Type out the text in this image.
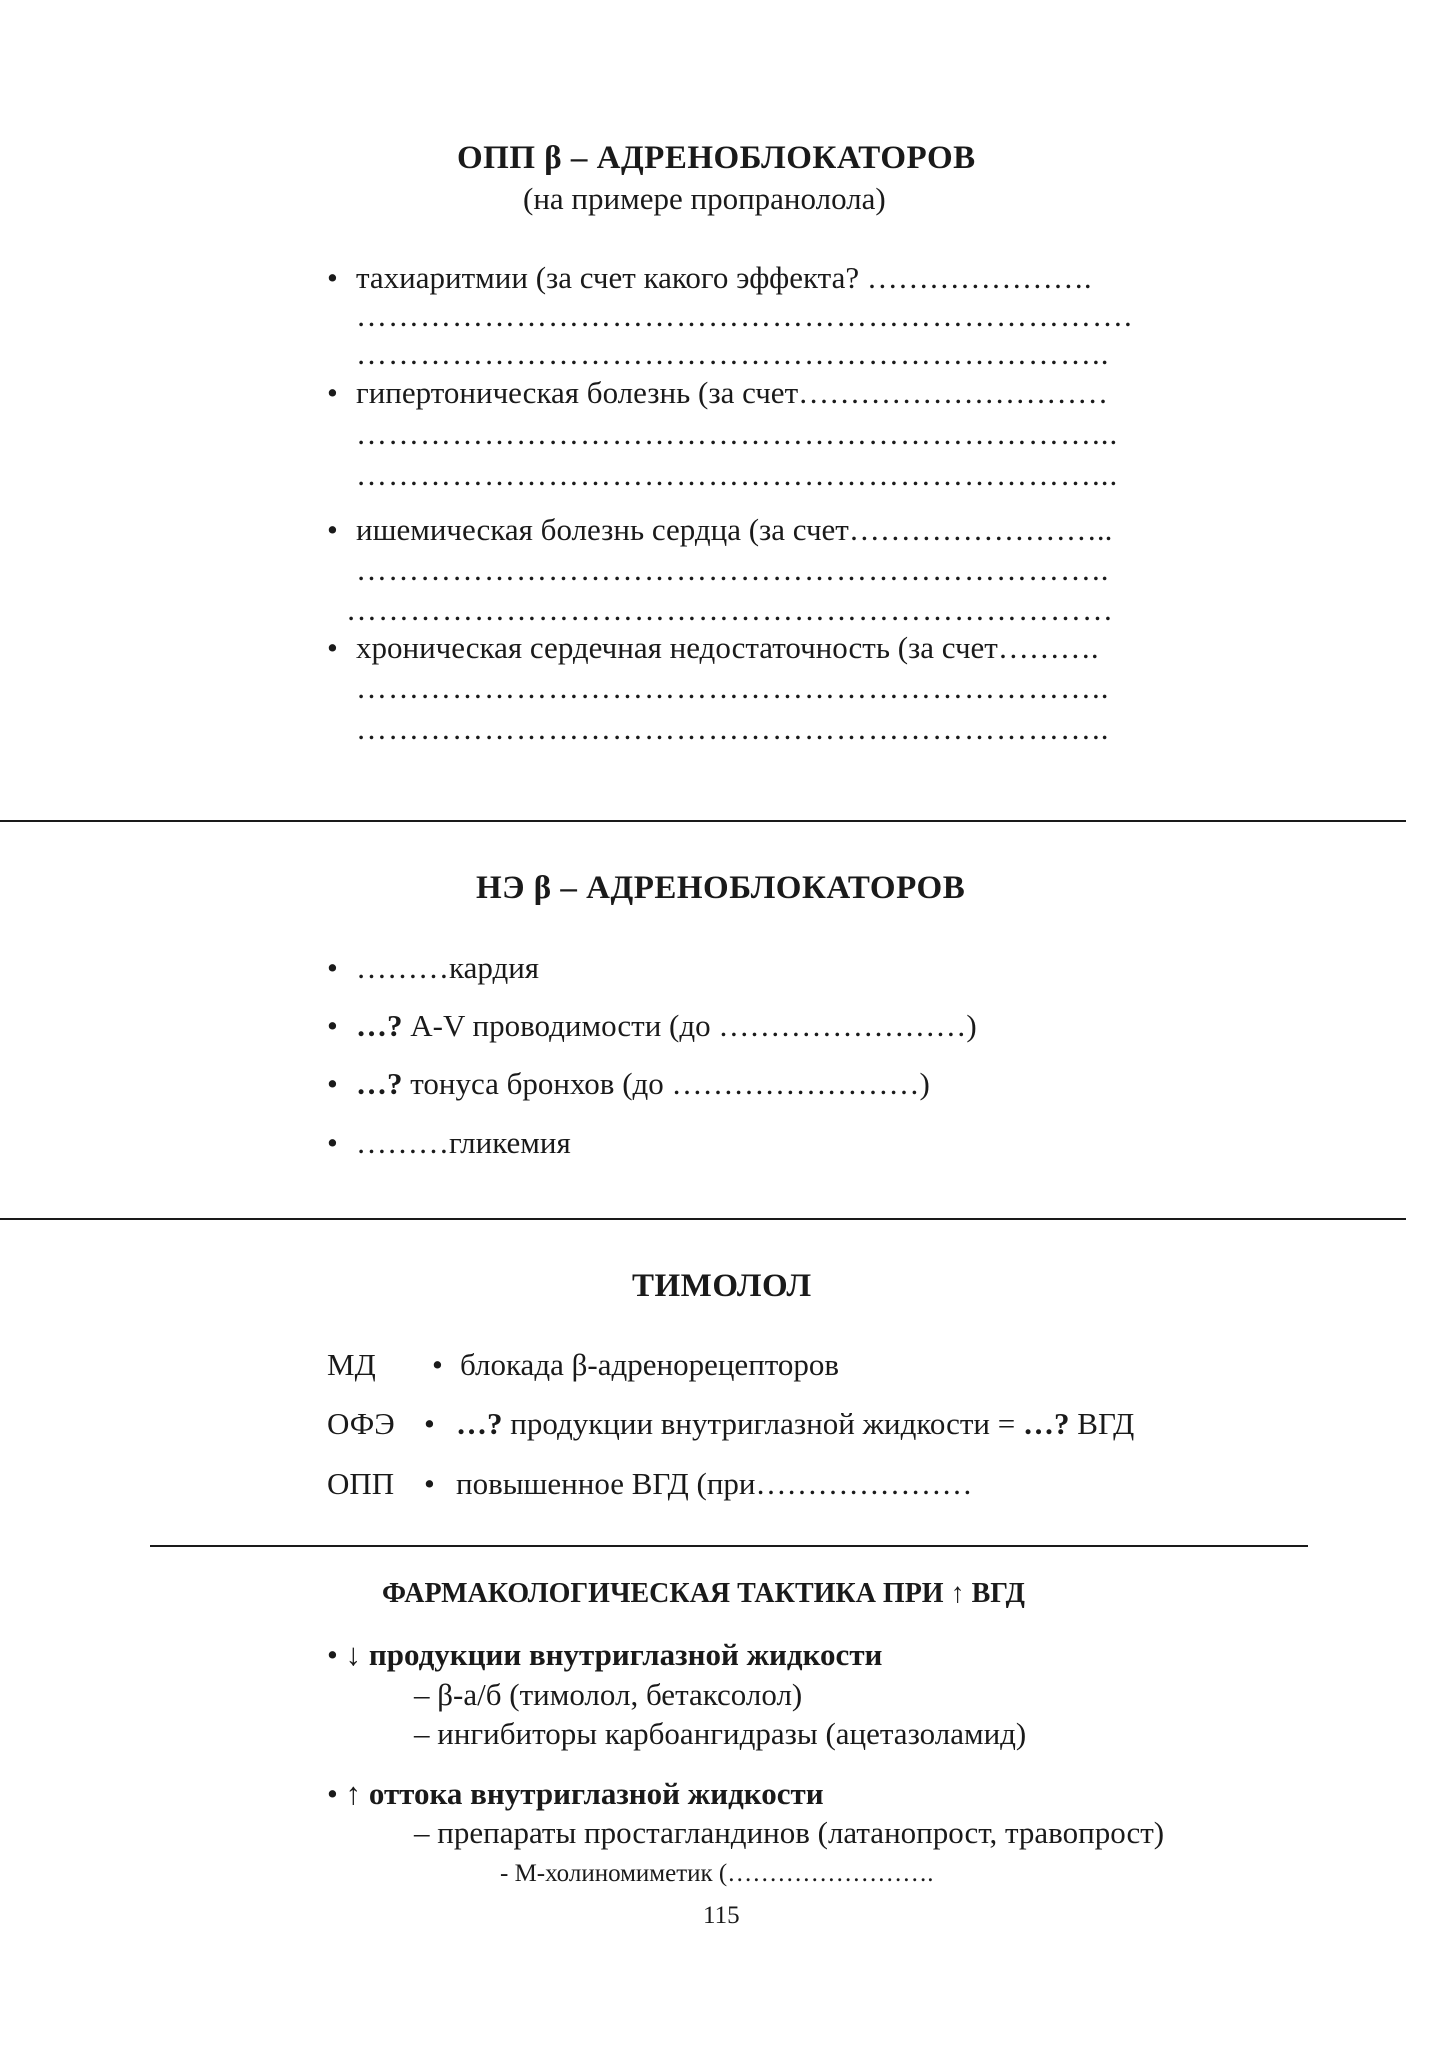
ОПП β – АДРЕНОБЛОКАТОРОВ
(на примере пропранолола)
• тахиаритмии (за счет какого эффекта? ………………….
……………………………………………………………….
……………………………………………………………..
• гипертоническая болезнь (за счет…………………………
……………………………………………………………...
……………………………………………………………...
• ишемическая болезнь сердца (за счет……………………..
……………………………………………………………..
………………………………………………………………
• хроническая сердечная недостаточность (за счет……….
……………………………………………………………..
……………………………………………………………..
НЭ β – АДРЕНОБЛОКАТОРОВ
• ………кардия
• …? А-V проводимости (до ……………………)
• …? тонуса бронхов (до ……………………)
• ………гликемия
ТИМОЛОЛ
МД • блокада β-адренорецепторов
ОФЭ • …? продукции внутриглазной жидкости = …? ВГД
ОПП • повышенное ВГД (при…………………
ФАРМАКОЛОГИЧЕСКАЯ ТАКТИКА ПРИ ↑ ВГД
• ↓ продукции внутриглазной жидкости
– β-а/б (тимолол, бетаксолол)
– ингибиторы карбоангидразы (ацетазоламид)
• ↑ оттока внутриглазной жидкости
– препараты простагландинов (латанопрост, травопрост)
- М-холиномиметик (…………………….
115
